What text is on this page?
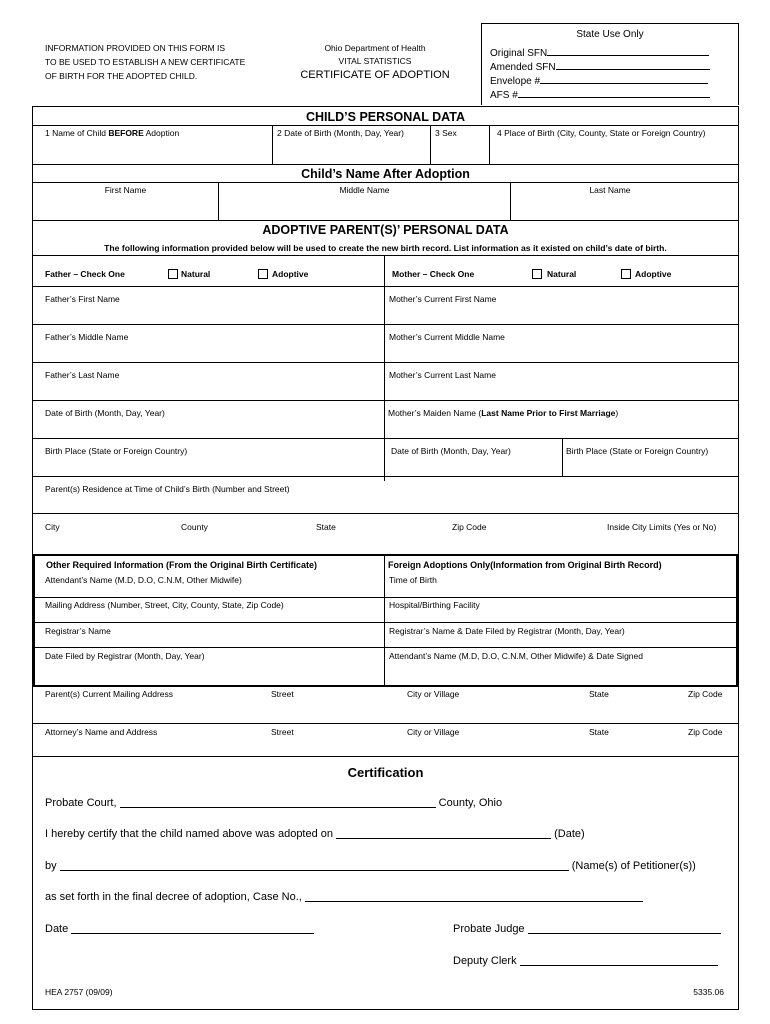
INFORMATION PROVIDED ON THIS FORM IS
TO BE USED TO ESTABLISH A NEW CERTIFICATE
OF BIRTH FOR THE ADOPTED CHILD.
Ohio Department of Health
VITAL STATISTICS
CERTIFICATE OF ADOPTION
State Use Only
Original SFN
Amended SFN
Envelope #
AFS #
CHILD’S PERSONAL DATA
1 Name of Child BEFORE Adoption	2 Date of Birth (Month, Day, Year)	3 Sex	4 Place of Birth (City, County, State or Foreign Country)
Child’s Name After Adoption
First Name	Middle Name	Last Name
ADOPTIVE PARENT(S)’ PERSONAL DATA
The following information provided below will be used to create the new birth record. List information as it existed on child’s date of birth.
Father – Check One	Natural	Adoptive	Mother – Check One	Natural	Adoptive
Father’s First Name	Mother’s Current First Name
Father’s Middle Name	Mother’s Current Middle Name
Father’s Last Name	Mother’s Current Last Name
Date of Birth (Month, Day, Year)	Mother’s Maiden Name (Last Name Prior to First Marriage)
Birth Place (State or Foreign Country)	Date of Birth (Month, Day, Year)	Birth Place (State or Foreign Country)
Parent(s) Residence at Time of Child’s Birth (Number and Street)
City	County	State	Zip Code	Inside City Limits (Yes or No)
Other Required Information (From the Original Birth Certificate)	Foreign Adoptions Only(Information from Original Birth Record)
Attendant’s Name (M.D, D.O, C.N.M, Other Midwife)	Time of Birth
Mailing Address (Number, Street, City, County, State, Zip Code)	Hospital/Birthing Facility
Registrar’s Name	Registrar’s Name & Date Filed by Registrar (Month, Day, Year)
Date Filed by Registrar (Month, Day, Year)	Attendant’s Name (M.D, D.O, C.N.M, Other Midwife) & Date Signed
Parent(s) Current Mailing Address	Street	City or Village	State	Zip Code
Attorney’s Name and Address	Street	City or Village	State	Zip Code
Certification
Probate Court,	County, Ohio
I hereby certify that the child named above was adopted on	(Date)
by	(Name(s) of Petitioner(s))
as set forth in the final decree of adoption, Case No.,
Date	Probate Judge
Deputy Clerk
HEA 2757 (09/09)	5335.06
